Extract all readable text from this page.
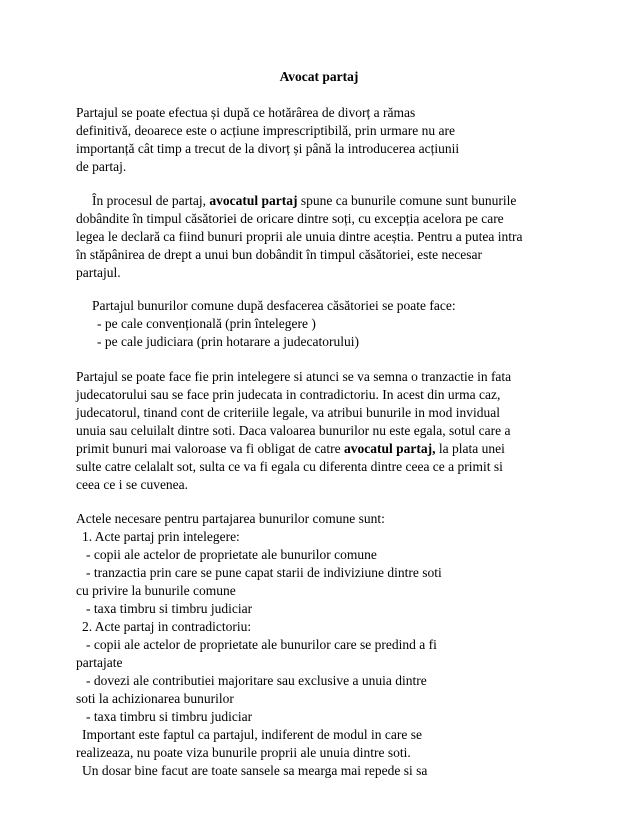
Avocat partaj
Partajul se poate efectua și după ce hotărârea de divorț a rămas
definitivă, deoarece este o acțiune imprescriptibilă, prin urmare nu are
importanță cât timp a trecut de la divorț și până la introducerea acțiunii
de partaj.
În procesul de partaj, avocatul partaj spune ca bunurile comune sunt bunurile
dobândite în timpul căsătoriei de oricare dintre soți, cu excepția acelora pe care
legea le declară ca fiind bunuri proprii ale unuia dintre aceștia. Pentru a putea intra
în stăpânirea de drept a unui bun dobândit în timpul căsătoriei, este necesar
partajul.
Partajul bunurilor comune după desfacerea căsătoriei se poate face:
- pe cale convențională (prin întelegere )
- pe cale judiciara (prin hotarare a judecatorului)
Partajul se poate face fie prin intelegere si atunci se va semna o tranzactie in fata
judecatorului sau se face prin judecata in contradictoriu. In acest din urma caz,
judecatorul, tinand cont de criteriile legale, va atribui bunurile in mod invidual
unuia sau celuilalt dintre soti. Daca valoarea bunurilor nu este egala, sotul care a
primit bunuri mai valoroase va fi obligat de catre avocatul partaj, la plata unei
sulte catre celalalt sot, sulta ce va fi egala cu diferenta dintre ceea ce a primit si
ceea ce i se cuvenea.
Actele necesare pentru partajarea bunurilor comune sunt:
1. Acte partaj prin intelegere:
- copii ale actelor de proprietate ale bunurilor comune
- tranzactia prin care se pune capat starii de indiviziune dintre soti
cu privire la bunurile comune
- taxa timbru si timbru judiciar
2. Acte partaj in contradictoriu:
- copii ale actelor de proprietate ale bunurilor care se predind a fi
partajate
- dovezi ale contributiei majoritare sau exclusive a unuia dintre
soti la achizionarea bunurilor
- taxa timbru si timbru judiciar
Important este faptul ca partajul, indiferent de modul in care se
realizeaza, nu poate viza bunurile proprii ale unuia dintre soti.
Un dosar bine facut are toate sansele sa mearga mai repede si sa
